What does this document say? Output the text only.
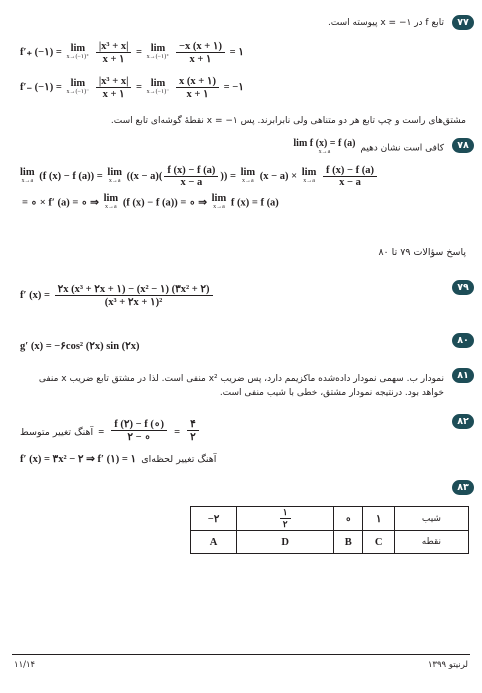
۷۷
تابع f در ۱− = x پیوسته است.
f′₊ (−۱) = lim
x→(−۱)⁺
$\frac{\text{|x³ + x|}}{x + ۱} = \lim$
x→(−۱)⁺
$\frac{-x (x + ۱)}{x + ۱}$ = ۱
f′₋ (−۱) = lim
x→(−۱)⁻
$\frac{\text{|x³ + x|}}{x + ۱} = \lim$
x→(−۱)⁻
$\frac{x (x + ۱)}{x + ۱}$ = −۱
مشتق‌های راست و چپ تابع هر دو متناهی ولی نابرابرند. پس ۱− = x نقطهٔ گوشه‌ای تابع است.
۷۸
کافی است نشان دهیم lim f (x) = f (a)
x→a
lim
x→a (f (x) − f (a)) = lim
x→a ($(x - a)( \frac{f (x) - f (a)}{x - a}$ )) = lim
x→a (x − a) × lim
x→a
$\frac{f (x) - f (a)}{x - a}$
= ∘ × f′ (a) = ∘ ⇒ lim
x→a (f (x) − f (a)) = ∘ ⇒ lim
x→a f (x) = f (a)
پاسخ سؤالات ۷۹ تا ۸۰
۷۹
f′ $(x) = \frac{\text{۲x (x³ + ۲x + ۱) − (x² − ۱) (۳x² + ۲)}}{\text{(x³ + ۲x + ۱)²}}$
۸۰
g′ (x) = −۶cos² (۲x) sin (۲x)
۸۱
نمودار ب. سهمی نمودار داده‌شده ماکزیمم دارد، پس ضریب x² منفی است. لذا در مشتق تابع ضریب x منفی خواهد بود. درنتیجه نمودار مشتق، خطی با شیب منفی است.
۸۲
آهنگ تغییر متوسط = $\frac{f (۲) - f (\circ)}{۲ - \circ} = \frac{۴}{۲}$
f′ (x) = ۳x² − ۲ ⇒ f′ (۱) = ۱ آهنگ تغییر لحظه‌ای
۸۳
−۲	$\frac{۱}{۲}$	∘	۱	شیب
A	D	B	C	نقطه
۱۱/۱۴	لرنیتو ۱۳۹۹
